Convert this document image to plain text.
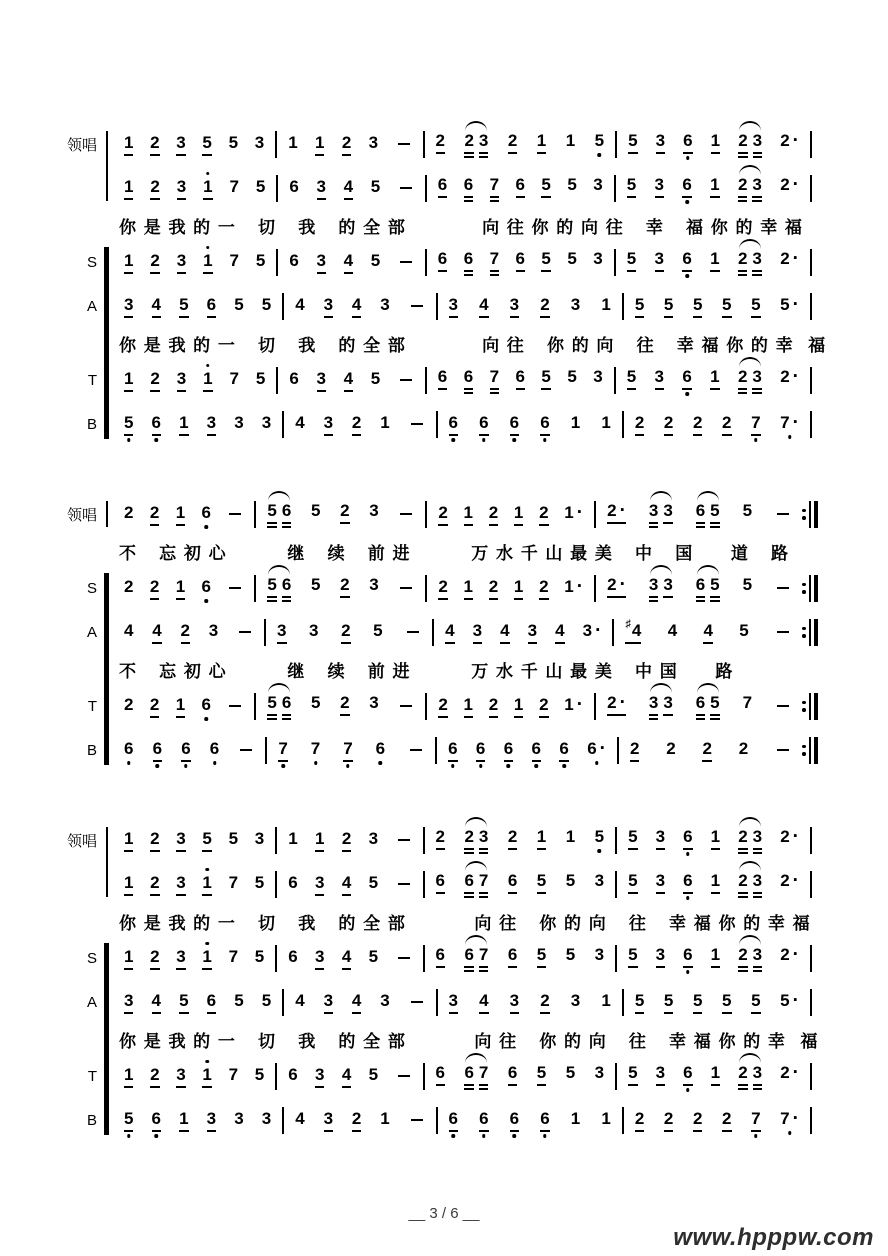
领唱	1 2 3 5 5 3 1 1 2 3	2 2 3 2 1 1 5 5 3 6 1 2 3 2 ·
1 2 3 1 7 5 6 3 4 5	6 6 7 6 5 5 3 5 3 6 1 2 3 2 ·
你 是 我 的 一   切   我   的 全 部          向 往 你 的 向 往   幸   福 你 的 幸 福
S	1 2 3 1 7 5 6 3 4 5	6 6 7 6 5 5 3 5 3 6 1 2 3 2 ·
A	3 4 5 6 5 5 4 3 4 3	3 4 3 2 3 1 5 5 5 5 5 5 ·
你 是 我 的 一   切   我   的 全 部          向 往   你 的 向   往   幸 福 你 的 幸  福
T	1 2 3 1 7 5 6 3 4 5	6 6 7 6 5 5 3 5 3 6 1 2 3 2 ·
B	5 6 1 3 3 3 4 3 2 1	6 6 6 6 1 1 2 2 2 2 7 7 ·
领唱	2 2 1 6	5 6 5 2 3	2 1 2 1 2 1 · 2 · 3 3 6 5 5
不   忘 初 心        继   续   前 进        万 水 千 山 最 美   中   国     道   路
S	2 2 1 6	5 6 5 2 3	2 1 2 1 2 1 · 2 · 3 3 6 5 5
A	4 4 2 3	3 3 2 5	4 3 4 3 4 3 · ♯ 4 4 4 5
不   忘 初 心        继   续   前 进        万 水 千 山 最 美   中 国     路
T	2 2 1 6	5 6 5 2 3	2 1 2 1 2 1 · 2 · 3 3 6 5 7
B	6 6 6 6	7 7 7 6	6 6 6 6 6 6 · 2 2 2 2
领唱	1 2 3 5 5 3 1 1 2 3	2 2 3 2 1 1 5 5 3 6 1 2 3 2 ·
1 2 3 1 7 5 6 3 4 5	6 6 7 6 5 5 3 5 3 6 1 2 3 2 ·
你 是 我 的 一   切   我   的 全 部         向 往   你 的 向   往   幸 福 你 的 幸 福
S	1 2 3 1 7 5 6 3 4 5	6 6 7 6 5 5 3 5 3 6 1 2 3 2 ·
A	3 4 5 6 5 5 4 3 4 3	3 4 3 2 3 1 5 5 5 5 5 5 ·
你 是 我 的 一   切   我   的 全 部         向 往   你 的 向   往   幸 福 你 的 幸  福
T	1 2 3 1 7 5 6 3 4 5	6 6 7 6 5 5 3 5 3 6 1 2 3 2 ·
B	5 6 1 3 3 3 4 3 2 1	6 6 6 6 1 1 2 2 2 2 7 7 ·
__ 3 / 6 __
www.hpppw.com
